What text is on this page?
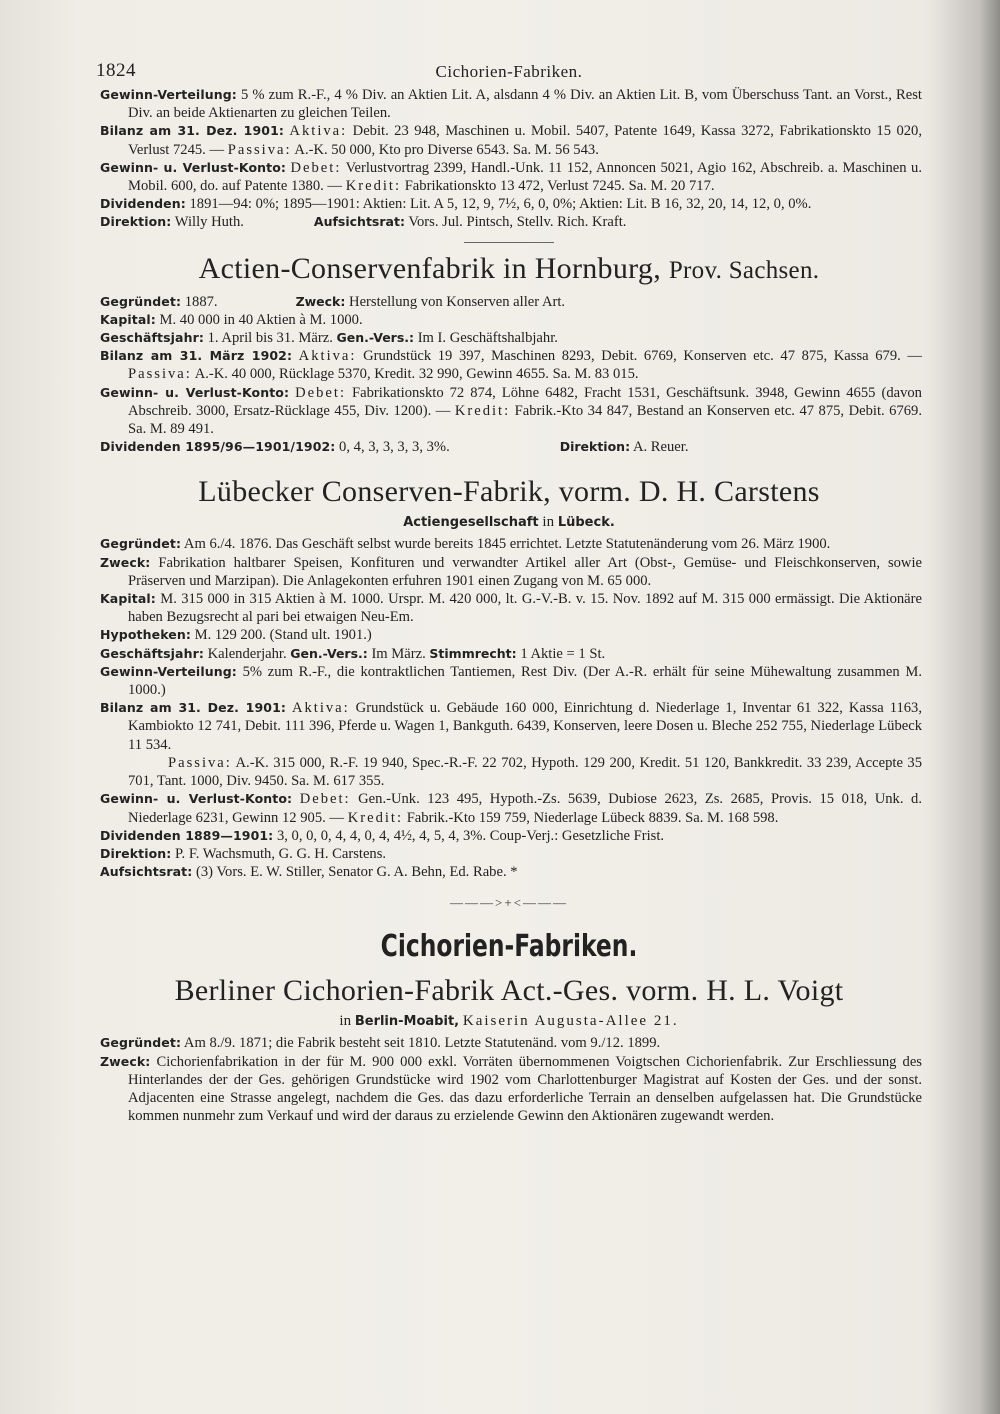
1824	Cichorien-Fabriken.

Gewinn-Verteilung: 5 % zum R.-F., 4 % Div. an Aktien Lit. A, alsdann 4 % Div. an Aktien Lit. B, vom Überschuss Tant. an Vorst., Rest Div. an beide Aktienarten zu gleichen Teilen.

Bilanz am 31. Dez. 1901: Aktiva: Debit. 23 948, Maschinen u. Mobil. 5407, Patente 1649, Kassa 3272, Fabrikationskto 15 020, Verlust 7245. — Passiva: A.-K. 50 000, Kto pro Diverse 6543. Sa. M. 56 543.

Gewinn- u. Verlust-Konto: Debet: Verlustvortrag 2399, Handl.-Unk. 11 152, Annoncen 5021, Agio 162, Abschreib. a. Maschinen u. Mobil. 600, do. auf Patente 1380. — Kredit: Fabrikationskto 13 472, Verlust 7245. Sa. M. 20 717.

Dividenden: 1891—94: 0%; 1895—1901: Aktien: Lit. A 5, 12, 9, 7½, 6, 0, 0%; Aktien: Lit. B 16, 32, 20, 14, 12, 0, 0%.

Direktion: Willy Huth.	Aufsichtsrat: Vors. Jul. Pintsch, Stellv. Rich. Kraft.

Actien-Conservenfabrik in Hornburg, Prov. Sachsen.

Gegründet: 1887.	Zweck: Herstellung von Konserven aller Art.

Kapital: M. 40 000 in 40 Aktien à M. 1000.

Geschäftsjahr: 1. April bis 31. März. Gen.-Vers.: Im I. Geschäftshalbjahr.

Bilanz am 31. März 1902: Aktiva: Grundstück 19 397, Maschinen 8293, Debit. 6769, Konserven etc. 47 875, Kassa 679. — Passiva: A.-K. 40 000, Rücklage 5370, Kredit. 32 990, Gewinn 4655. Sa. M. 83 015.

Gewinn- u. Verlust-Konto: Debet: Fabrikationskto 72 874, Löhne 6482, Fracht 1531, Geschäftsunk. 3948, Gewinn 4655 (davon Abschreib. 3000, Ersatz-Rücklage 455, Div. 1200). — Kredit: Fabrik.-Kto 34 847, Bestand an Konserven etc. 47 875, Debit. 6769. Sa. M. 89 491.

Dividenden 1895/96—1901/1902: 0, 4, 3, 3, 3, 3, 3%.	Direktion: A. Reuer.

Lübecker Conserven-Fabrik, vorm. D. H. Carstens
Actiengesellschaft in Lübeck.

Gegründet: Am 6./4. 1876. Das Geschäft selbst wurde bereits 1845 errichtet. Letzte Statutenänderung vom 26. März 1900.

Zweck: Fabrikation haltbarer Speisen, Konfituren und verwandter Artikel aller Art (Obst-, Gemüse- und Fleischkonserven, sowie Präserven und Marzipan). Die Anlagekonten erfuhren 1901 einen Zugang von M. 65 000.

Kapital: M. 315 000 in 315 Aktien à M. 1000. Urspr. M. 420 000, lt. G.-V.-B. v. 15. Nov. 1892 auf M. 315 000 ermässigt. Die Aktionäre haben Bezugsrecht al pari bei etwaigen Neu-Em.

Hypotheken: M. 129 200. (Stand ult. 1901.)

Geschäftsjahr: Kalenderjahr. Gen.-Vers.: Im März. Stimmrecht: 1 Aktie = 1 St.

Gewinn-Verteilung: 5% zum R.-F., die kontraktlichen Tantiemen, Rest Div. (Der A.-R. erhält für seine Mühewaltung zusammen M. 1000.)

Bilanz am 31. Dez. 1901: Aktiva: Grundstück u. Gebäude 160 000, Einrichtung d. Niederlage 1, Inventar 61 322, Kassa 1163, Kambiokto 12 741, Debit. 111 396, Pferde u. Wagen 1, Bankguth. 6439, Konserven, leere Dosen u. Bleche 252 755, Niederlage Lübeck 11 534.
Passiva: A.-K. 315 000, R.-F. 19 940, Spec.-R.-F. 22 702, Hypoth. 129 200, Kredit. 51 120, Bankkredit. 33 239, Accepte 35 701, Tant. 1000, Div. 9450. Sa. M. 617 355.

Gewinn- u. Verlust-Konto: Debet: Gen.-Unk. 123 495, Hypoth.-Zs. 5639, Dubiose 2623, Zs. 2685, Provis. 15 018, Unk. d. Niederlage 6231, Gewinn 12 905. — Kredit: Fabrik.-Kto 159 759, Niederlage Lübeck 8839. Sa. M. 168 598.

Dividenden 1889—1901: 3, 0, 0, 0, 4, 4, 0, 4, 4½, 4, 5, 4, 3%. Coup-Verj.: Gesetzliche Frist.

Direktion: P. F. Wachsmuth, G. G. H. Carstens.

Aufsichtsrat: (3) Vors. E. W. Stiller, Senator G. A. Behn, Ed. Rabe. *

———>+<———
Cichorien-Fabriken.
Berliner Cichorien-Fabrik Act.-Ges. vorm. H. L. Voigt
in Berlin-Moabit, Kaiserin Augusta-Allee 21.

Gegründet: Am 8./9. 1871; die Fabrik besteht seit 1810. Letzte Statutenänd. vom 9./12. 1899.

Zweck: Cichorienfabrikation in der für M. 900 000 exkl. Vorräten übernommenen Voigtschen Cichorienfabrik. Zur Erschliessung des Hinterlandes der der Ges. gehörigen Grundstücke wird 1902 vom Charlottenburger Magistrat auf Kosten der Ges. und der sonst. Adjacenten eine Strasse angelegt, nachdem die Ges. das dazu erforderliche Terrain an denselben aufgelassen hat. Die Grundstücke kommen nunmehr zum Verkauf und wird der daraus zu erzielende Gewinn den Aktionären zugewandt werden.
